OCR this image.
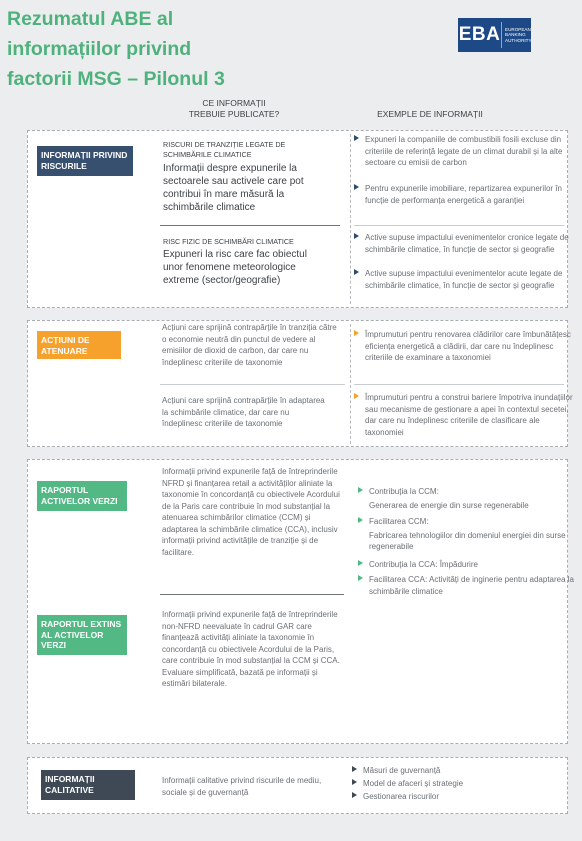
Rezumatul ABE al
informațiilor privind
factorii MSG – Pilonul 3
EBA	EUROPEAN BANKING AUTHORITY
CE INFORMAȚII TREBUIE PUBLICATE?	EXEMPLE DE INFORMAȚII
INFORMAȚII PRIVIND RISCURILE
RISCURI DE TRANZIȚIE LEGATE DE SCHIMBĂRILE CLIMATICE
Informații despre expunerile la sectoarele sau activele care pot contribui în mare măsură la schimbările climatice
RISC FIZIC DE SCHIMBĂRI CLIMATICE
Expuneri la risc care fac obiectul unor fenomene meteorologice extreme (sector/geografie)
Expuneri la companiile de combustibili fosili excluse din criteriile de referință legate de un climat durabil și la alte sectoare cu emisii de carbon
Pentru expunerile imobiliare, repartizarea expunerilor în funcție de performanța energetică a garanției
Active supuse impactului evenimentelor cronice legate de schimbările climatice, în funcție de sector și geografie
Active supuse impactului evenimentelor acute legate de schimbările climatice, în funcție de sector și geografie
ACȚIUNI DE ATENUARE
Acțiuni care sprijină contrapărțile în tranziția către o economie neutră din punctul de vedere al emisiilor de dioxid de carbon, dar care nu îndeplinesc criteriile de taxonomie
Acțiuni care sprijină contrapărțile în adaptarea la schimbările climatice, dar care nu îndeplinesc criteriile de taxonomie
Împrumuturi pentru renovarea clădirilor care îmbunătățesc eficiența energetică a clădirii, dar care nu îndeplinesc criteriile de examinare a taxonomiei
Împrumuturi pentru a construi bariere împotriva inundațiilor sau mecanisme de gestionare a apei în contextul secetei, dar care nu îndeplinesc criteriile de clasificare ale taxonomiei
RAPORTUL ACTIVELOR VERZI
Informații privind expunerile față de întreprinderile NFRD și finanțarea retail a activităților aliniate la taxonomie în concordanță cu obiectivele Acordului de la Paris care contribuie în mod substanțial la atenuarea schimbărilor climatice (CCM) și adaptarea la schimbările climatice (CCA), inclusiv informații privind activitățile de tranziție și de facilitare.
RAPORTUL EXTINS AL ACTIVELOR VERZI
Informații privind expunerile față de întreprinderile non-NFRD neevaluate în cadrul GAR care finanțează activități aliniate la taxonomie în concordanță cu obiectivele Acordului de la Paris, care contribuie în mod substanțial la CCM și CCA. Evaluare simplificată, bazată pe informații și estimări bilaterale.
Contribuția la CCM:
Generarea de energie din surse regenerabile
Facilitarea CCM:
Fabricarea tehnologiilor din domeniul energiei din surse regenerabile
Contribuția la CCA: Împădurire
Facilitarea CCA: Activități de inginerie pentru adaptarea la schimbările climatice
INFORMAȚII CALITATIVE
Informații calitative privind riscurile de mediu, sociale și de guvernanță
Măsuri de guvernanță
Model de afaceri și strategie
Gestionarea riscurilor
